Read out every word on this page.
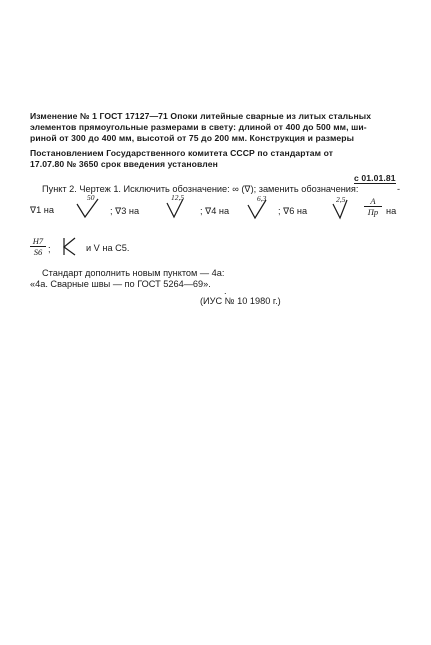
Изменение № 1 ГОСТ 17127—71 Опоки литейные сварные из литых стальных
элементов прямоугольные размерами в свету: длиной от 400 до 500 мм, ши-
риной от 300 до 400 мм, высотой от 75 до 200 мм. Конструкция и размеры
Постановлением Государственного комитета СССР по стандартам от
17.07.80 № 3650 срок введения установлен
с 01.01.81
Пункт 2. Чертеж 1. Исключить обозначение: ∞ (∇); заменить обозначения:	-
∇1 на
50
; ∇3 на
12,5
; ∇4 на
6,3
; ∇6 на
2,5	A
Пр на
$\frac{H7}{S6}$ ;	и V на C5.
Стандарт дополнить новым пунктом — 4а:
«4а. Сварные швы — по ГОСТ 5264—69».
.
(ИУС № 10 1980 г.)
